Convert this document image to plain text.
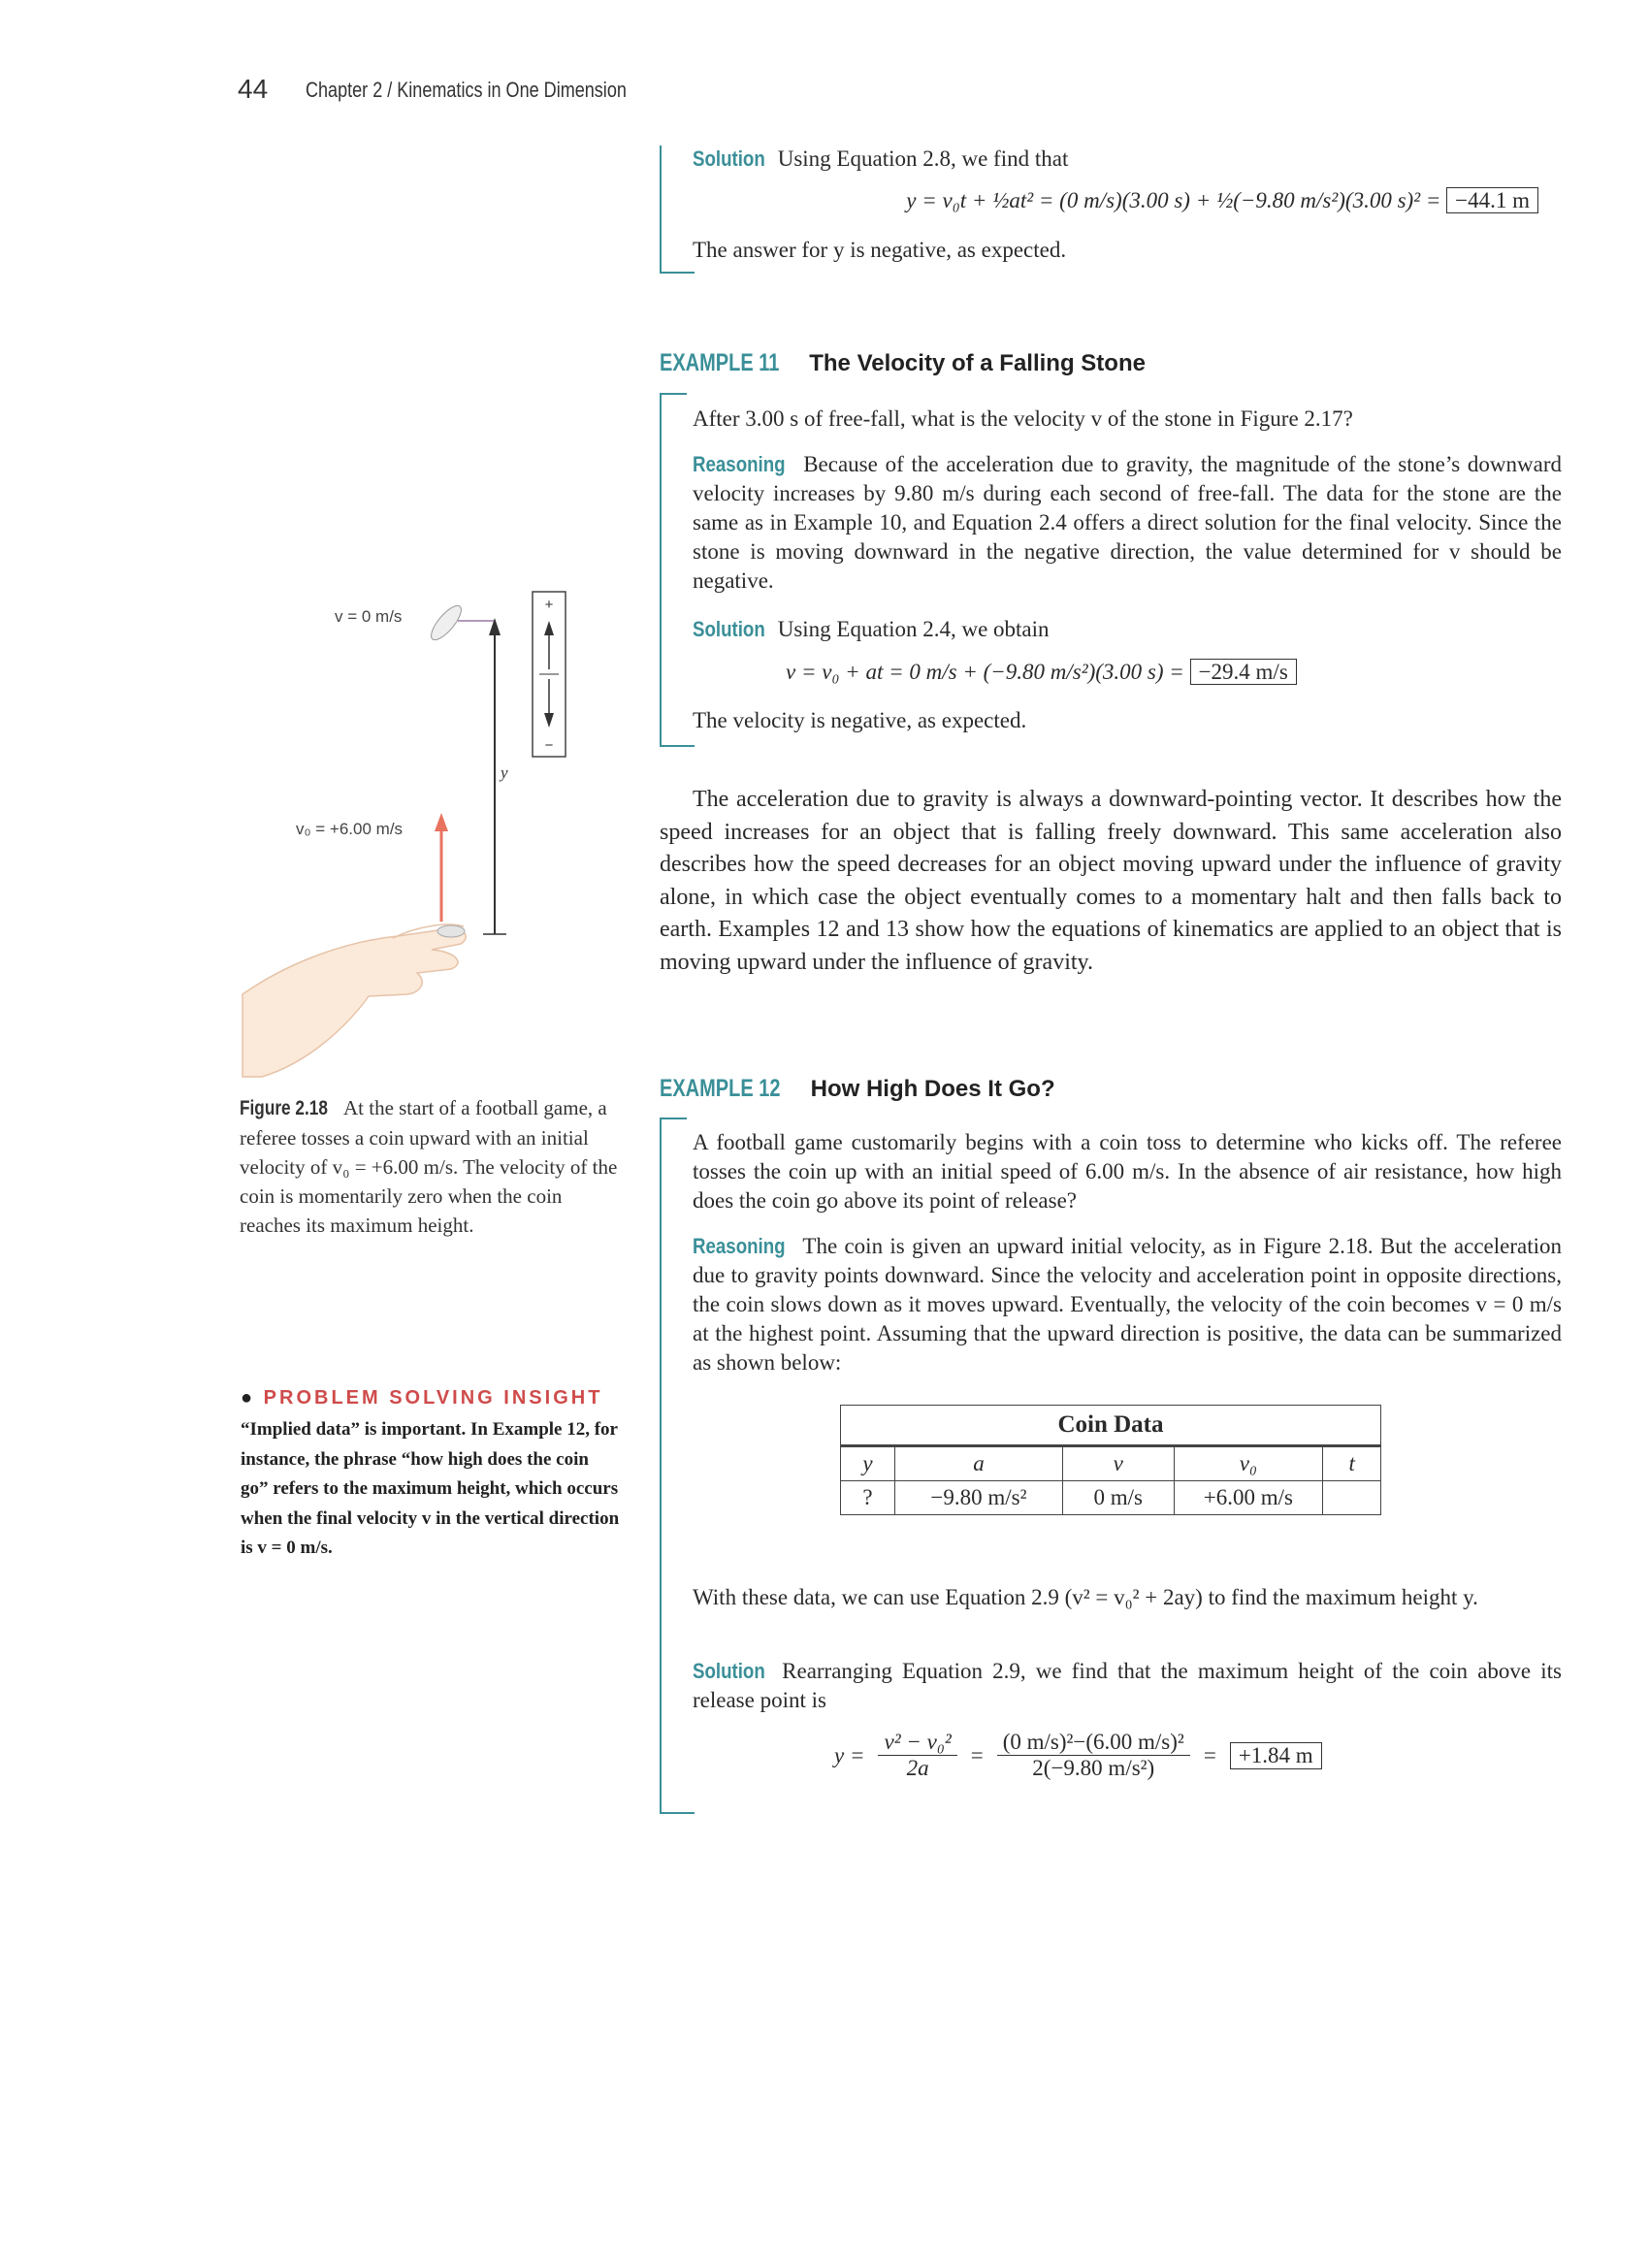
44 Chapter 2 / Kinematics in One Dimension
Solution Using Equation 2.8, we find that
y = v₀t + ½at² = (0 m/s)(3.00 s) + ½(−9.80 m/s²)(3.00 s)² = −44.1 m
The answer for y is negative, as expected.
EXAMPLE 11 The Velocity of a Falling Stone
After 3.00 s of free-fall, what is the velocity v of the stone in Figure 2.17?
Reasoning Because of the acceleration due to gravity, the magnitude of the stone’s downward velocity increases by 9.80 m/s during each second of free-fall. The data for the stone are the same as in Example 10, and Equation 2.4 offers a direct solution for the final velocity. Since the stone is moving downward in the negative direction, the value determined for v should be negative.
Solution Using Equation 2.4, we obtain
v = v₀ + at = 0 m/s + (−9.80 m/s²)(3.00 s) = −29.4 m/s
The velocity is negative, as expected.
The acceleration due to gravity is always a downward-pointing vector. It describes how the speed increases for an object that is falling freely downward. This same acceleration also describes how the speed decreases for an object moving upward under the influence of gravity alone, in which case the object eventually comes to a momentary halt and then falls back to earth. Examples 12 and 13 show how the equations of kinematics are applied to an object that is moving upward under the influence of gravity.
EXAMPLE 12 How High Does It Go?
A football game customarily begins with a coin toss to determine who kicks off. The referee tosses the coin up with an initial speed of 6.00 m/s. In the absence of air resistance, how high does the coin go above its point of release?
Reasoning The coin is given an upward initial velocity, as in Figure 2.18. But the acceleration due to gravity points downward. Since the velocity and acceleration point in opposite directions, the coin slows down as it moves upward. Eventually, the velocity of the coin becomes v = 0 m/s at the highest point. Assuming that the upward direction is positive, the data can be summarized as shown below:
Coin Data				
y	a	v	v₀	t
?	−9.80 m/s²	0 m/s	+6.00 m/s	
With these data, we can use Equation 2.9 (v² = v₀² + 2ay) to find the maximum height y.
Solution Rearranging Equation 2.9, we find that the maximum height of the coin above its release point is
$y = \frac{\text{v² − v₀²}}{2a} = \frac{\text{(0 m/s)²−(6.00 m/s)²}}{\text{2(−9.80 m/s²)}}$ =	+1.84 m
+
−
y
v = 0 m/s
v₀ = +6.00 m/s
Figure 2.18 At the start of a football game, a referee tosses a coin upward with an initial velocity of v₀ = +6.00 m/s. The velocity of the coin is momentarily zero when the coin reaches its maximum height.
● PROBLEM SOLVING INSIGHT
“Implied data” is important. In Example 12, for instance, the phrase “how high does the coin go” refers to the maximum height, which occurs when the final velocity v in the vertical direction is v = 0 m/s.
